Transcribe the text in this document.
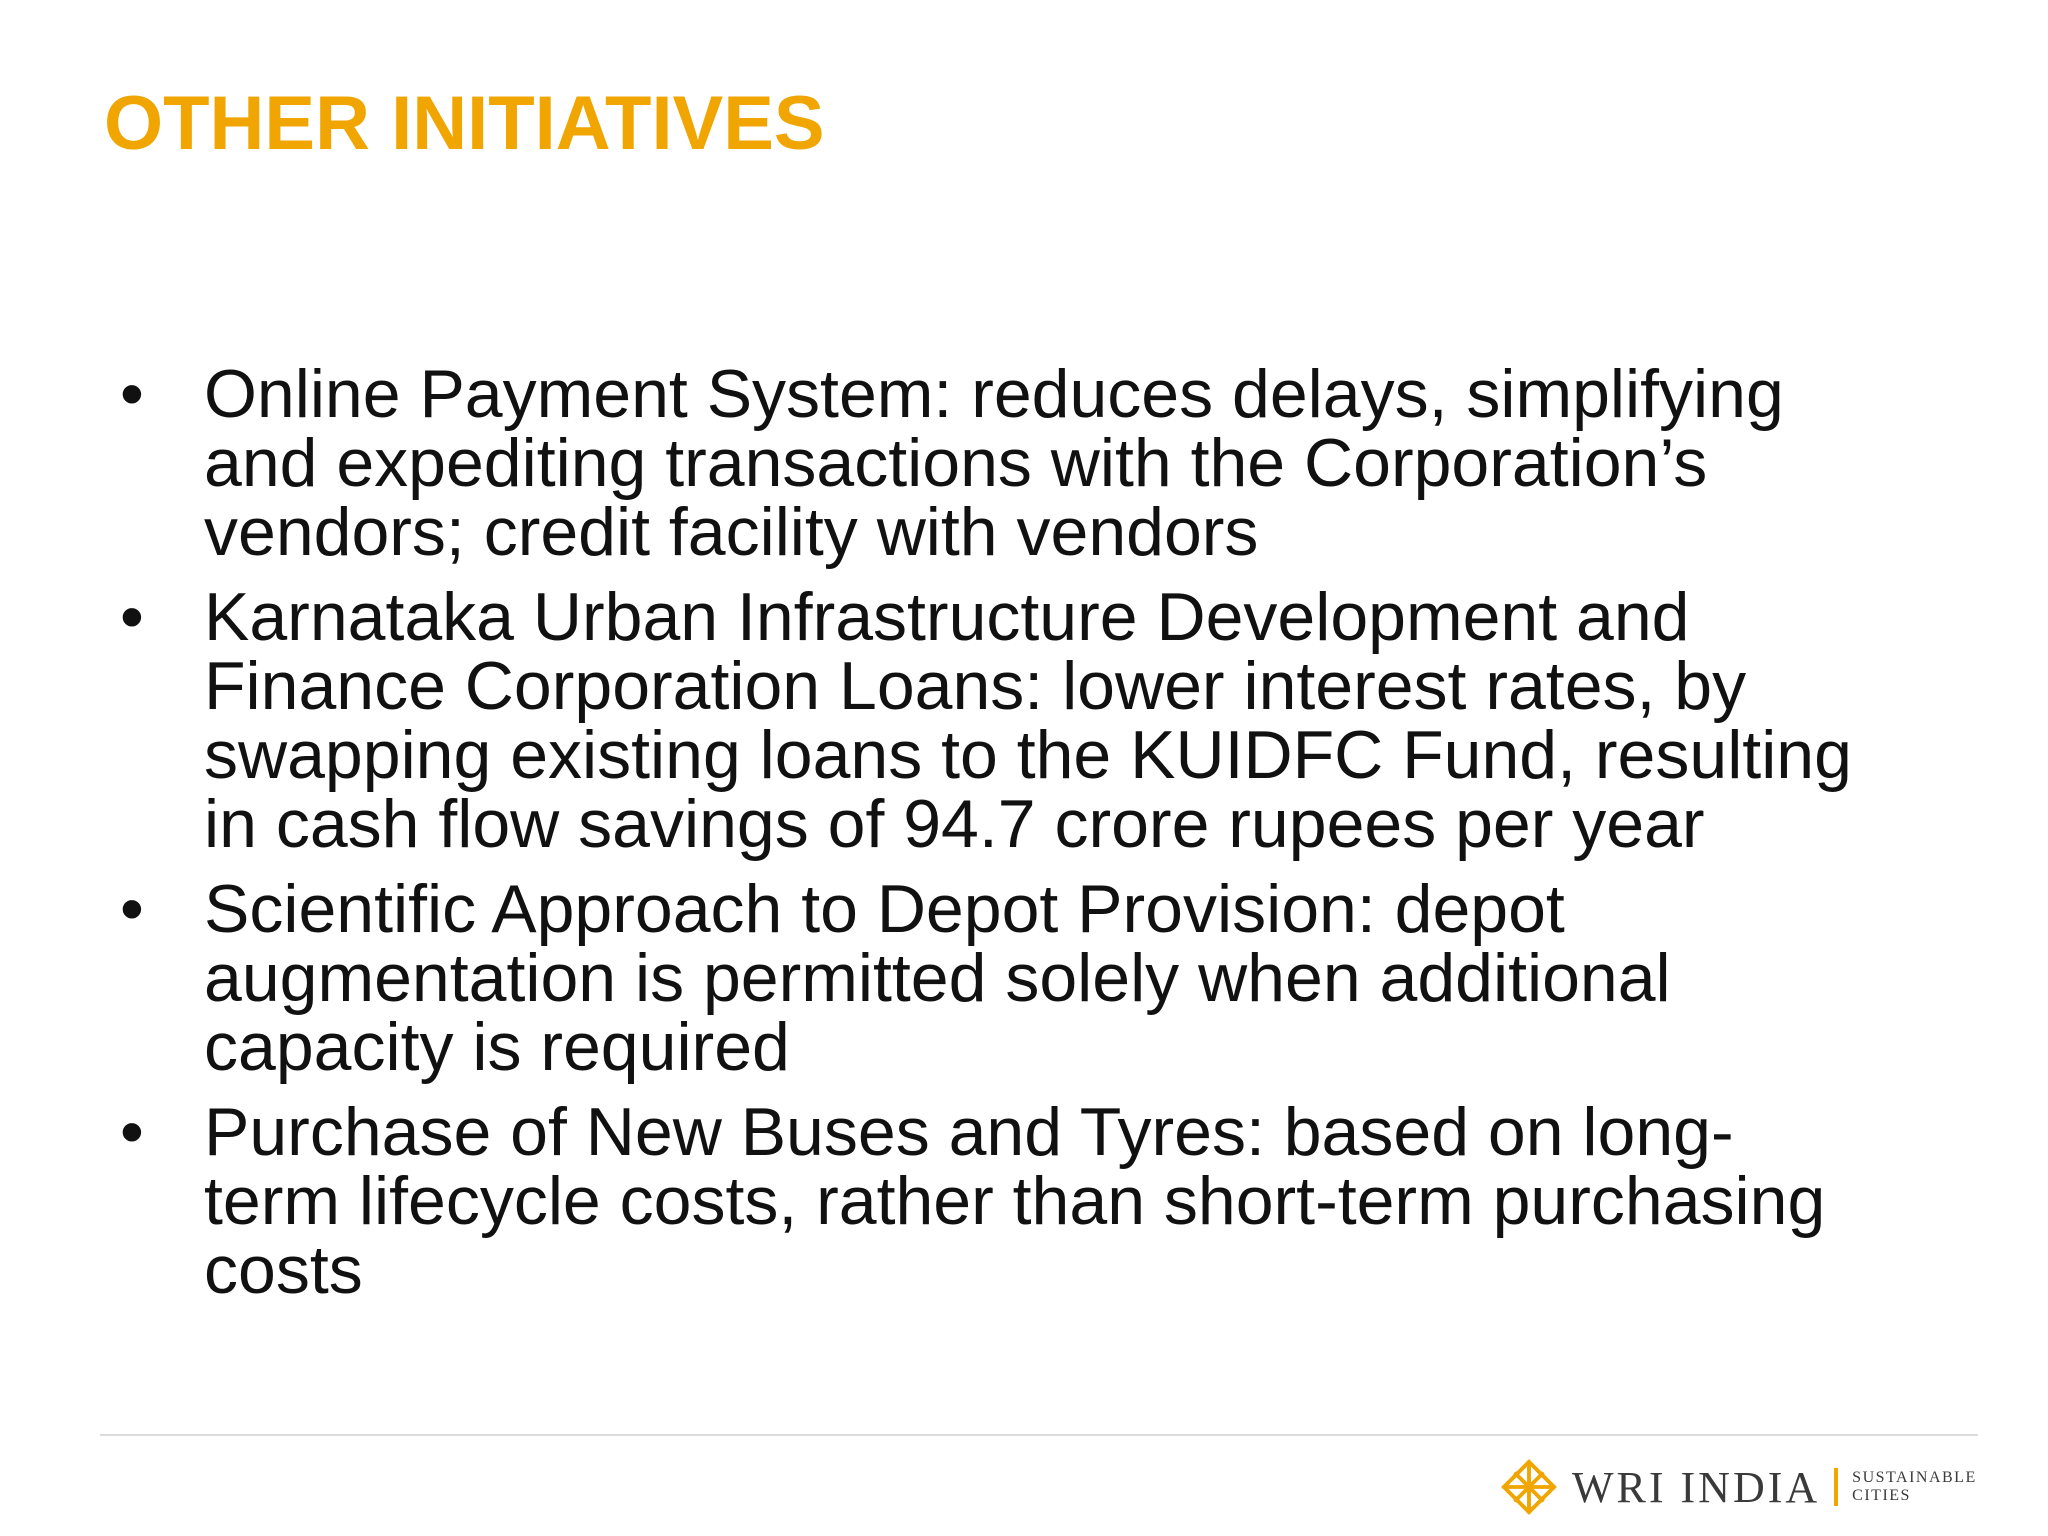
OTHER INITIATIVES
• Online Payment System: reduces delays, simplifying
and expediting transactions with the Corporation’s
vendors; credit facility with vendors
• Karnataka Urban Infrastructure Development and
Finance Corporation Loans: lower interest rates, by
swapping existing loans to the KUIDFC Fund, resulting
in cash flow savings of 94.7 crore rupees per year
• Scientific Approach to Depot Provision: depot
augmentation is permitted solely when additional
capacity is required
• Purchase of New Buses and Tyres: based on long-
term lifecycle costs, rather than short-term purchasing
costs
WRI INDIA SUSTAINABLE
CITIES
